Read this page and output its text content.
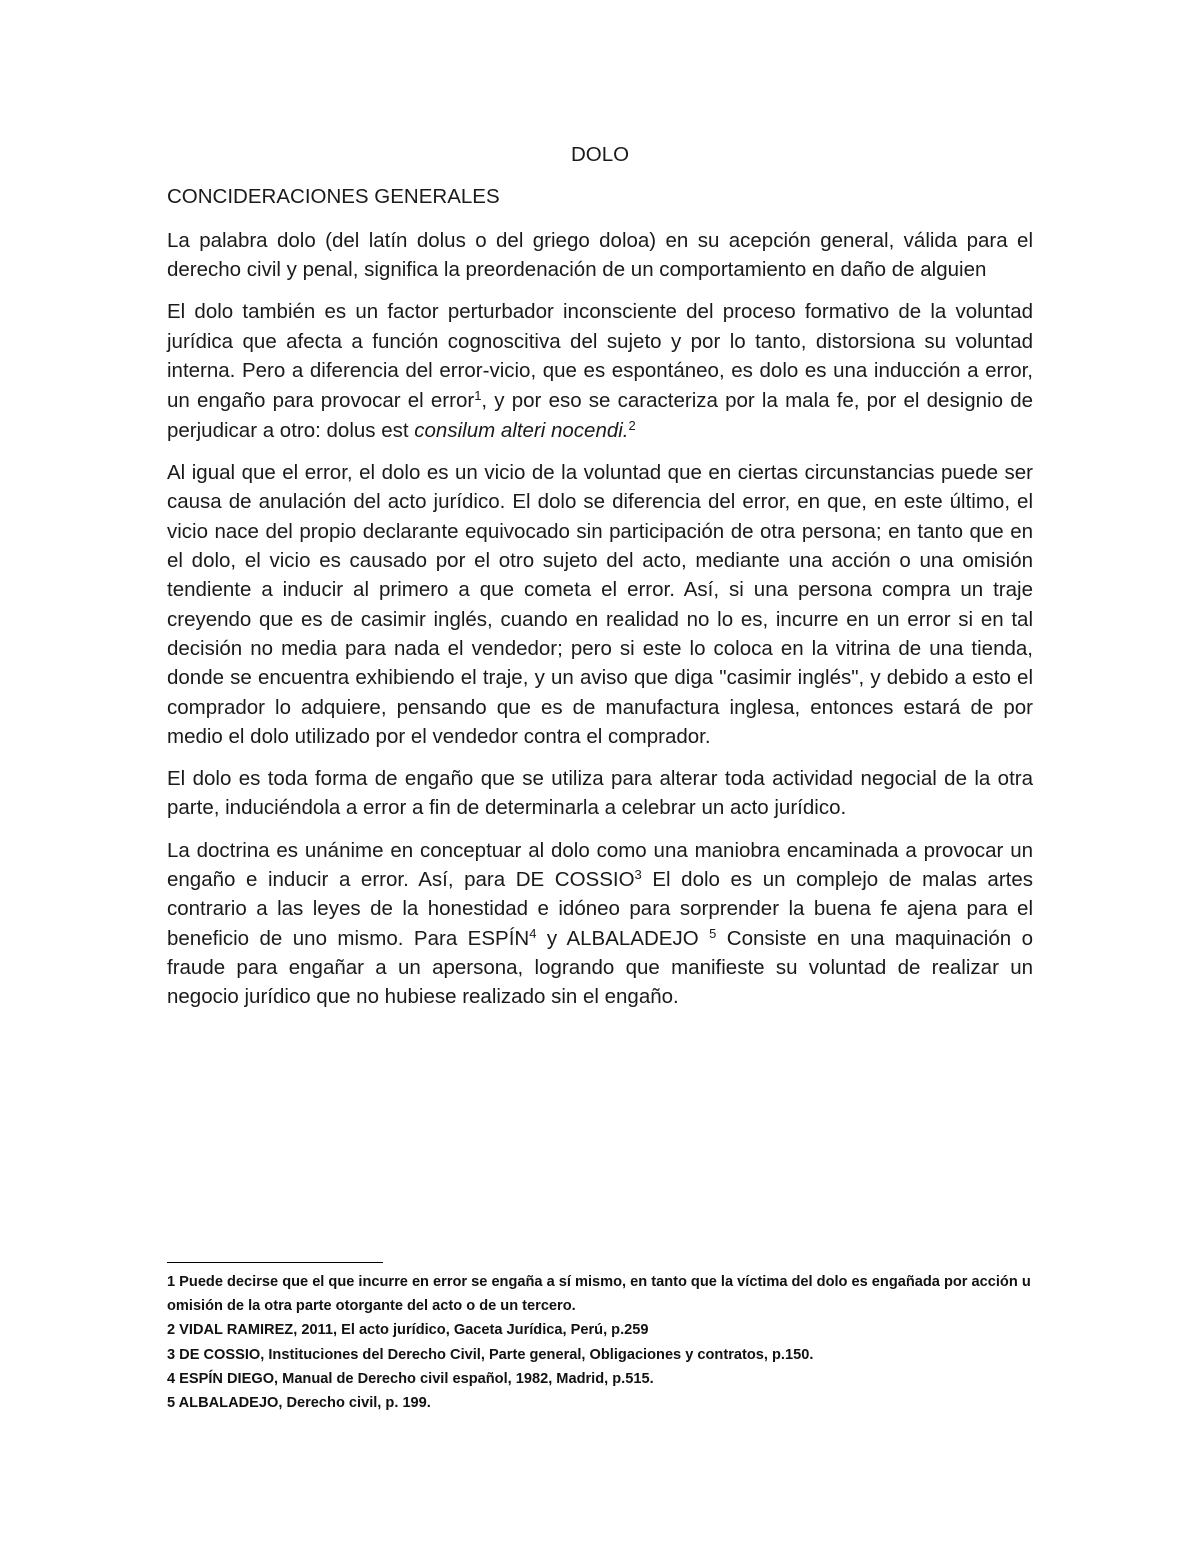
DOLO
CONCIDERACIONES GENERALES

La palabra dolo (del latín dolus o del griego doloa) en su acepción general, válida para el derecho civil y penal, significa la preordenación de un comportamiento en daño de alguien

El dolo también es un factor perturbador inconsciente del proceso formativo de la voluntad jurídica que afecta a función cognoscitiva del sujeto y por lo tanto, distorsiona su voluntad interna. Pero a diferencia del error-vicio, que es espontáneo, es dolo es una inducción a error, un engaño para provocar el error$^1$, y por eso se caracteriza por la mala fe, por el designio de perjudicar a otro: dolus est consilum alteri nocendi.$^2$

Al igual que el error, el dolo es un vicio de la voluntad que en ciertas circunstancias puede ser causa de anulación del acto jurídico. El dolo se diferencia del error, en que, en este último, el vicio nace del propio declarante equivocado sin participación de otra persona; en tanto que en el dolo, el vicio es causado por el otro sujeto del acto, mediante una acción o una omisión tendiente a inducir al primero a que cometa el error. Así, si una persona compra un traje creyendo que es de casimir inglés, cuando en realidad no lo es, incurre en un error si en tal decisión no media para nada el vendedor; pero si este lo coloca en la vitrina de una tienda, donde se encuentra exhibiendo el traje, y un aviso que diga "casimir inglés", y debido a esto el comprador lo adquiere, pensando que es de manufactura inglesa, entonces estará de por medio el dolo utilizado por el vendedor contra el comprador.

El dolo es toda forma de engaño que se utiliza para alterar toda actividad negocial de la otra parte, induciéndola a error a fin de determinarla a celebrar un acto jurídico.

La doctrina es unánime en conceptuar al dolo como una maniobra encaminada a provocar un engaño e inducir a error. Así, para DE COSSIO$^3$ El dolo es un complejo de malas artes contrario a las leyes de la honestidad e idóneo para sorprender la buena fe ajena para el beneficio de uno mismo. Para ESPÍN$^4$ y ALBALADEJO $^5$ Consiste en una maquinación o fraude para engañar a un apersona, logrando que manifieste su voluntad de realizar un negocio jurídico que no hubiese realizado sin el engaño.

1 Puede decirse que el que incurre en error se engaña a sí mismo, en tanto que la víctima del dolo es engañada por acción u omisión de la otra parte otorgante del acto o de un tercero.

2 VIDAL RAMIREZ, 2011, El acto jurídico, Gaceta Jurídica, Perú, p.259

3 DE COSSIO, Instituciones del Derecho Civil, Parte general, Obligaciones y contratos, p.150.

4 ESPÍN DIEGO, Manual de Derecho civil español, 1982, Madrid, p.515.

5 ALBALADEJO, Derecho civil, p. 199.
